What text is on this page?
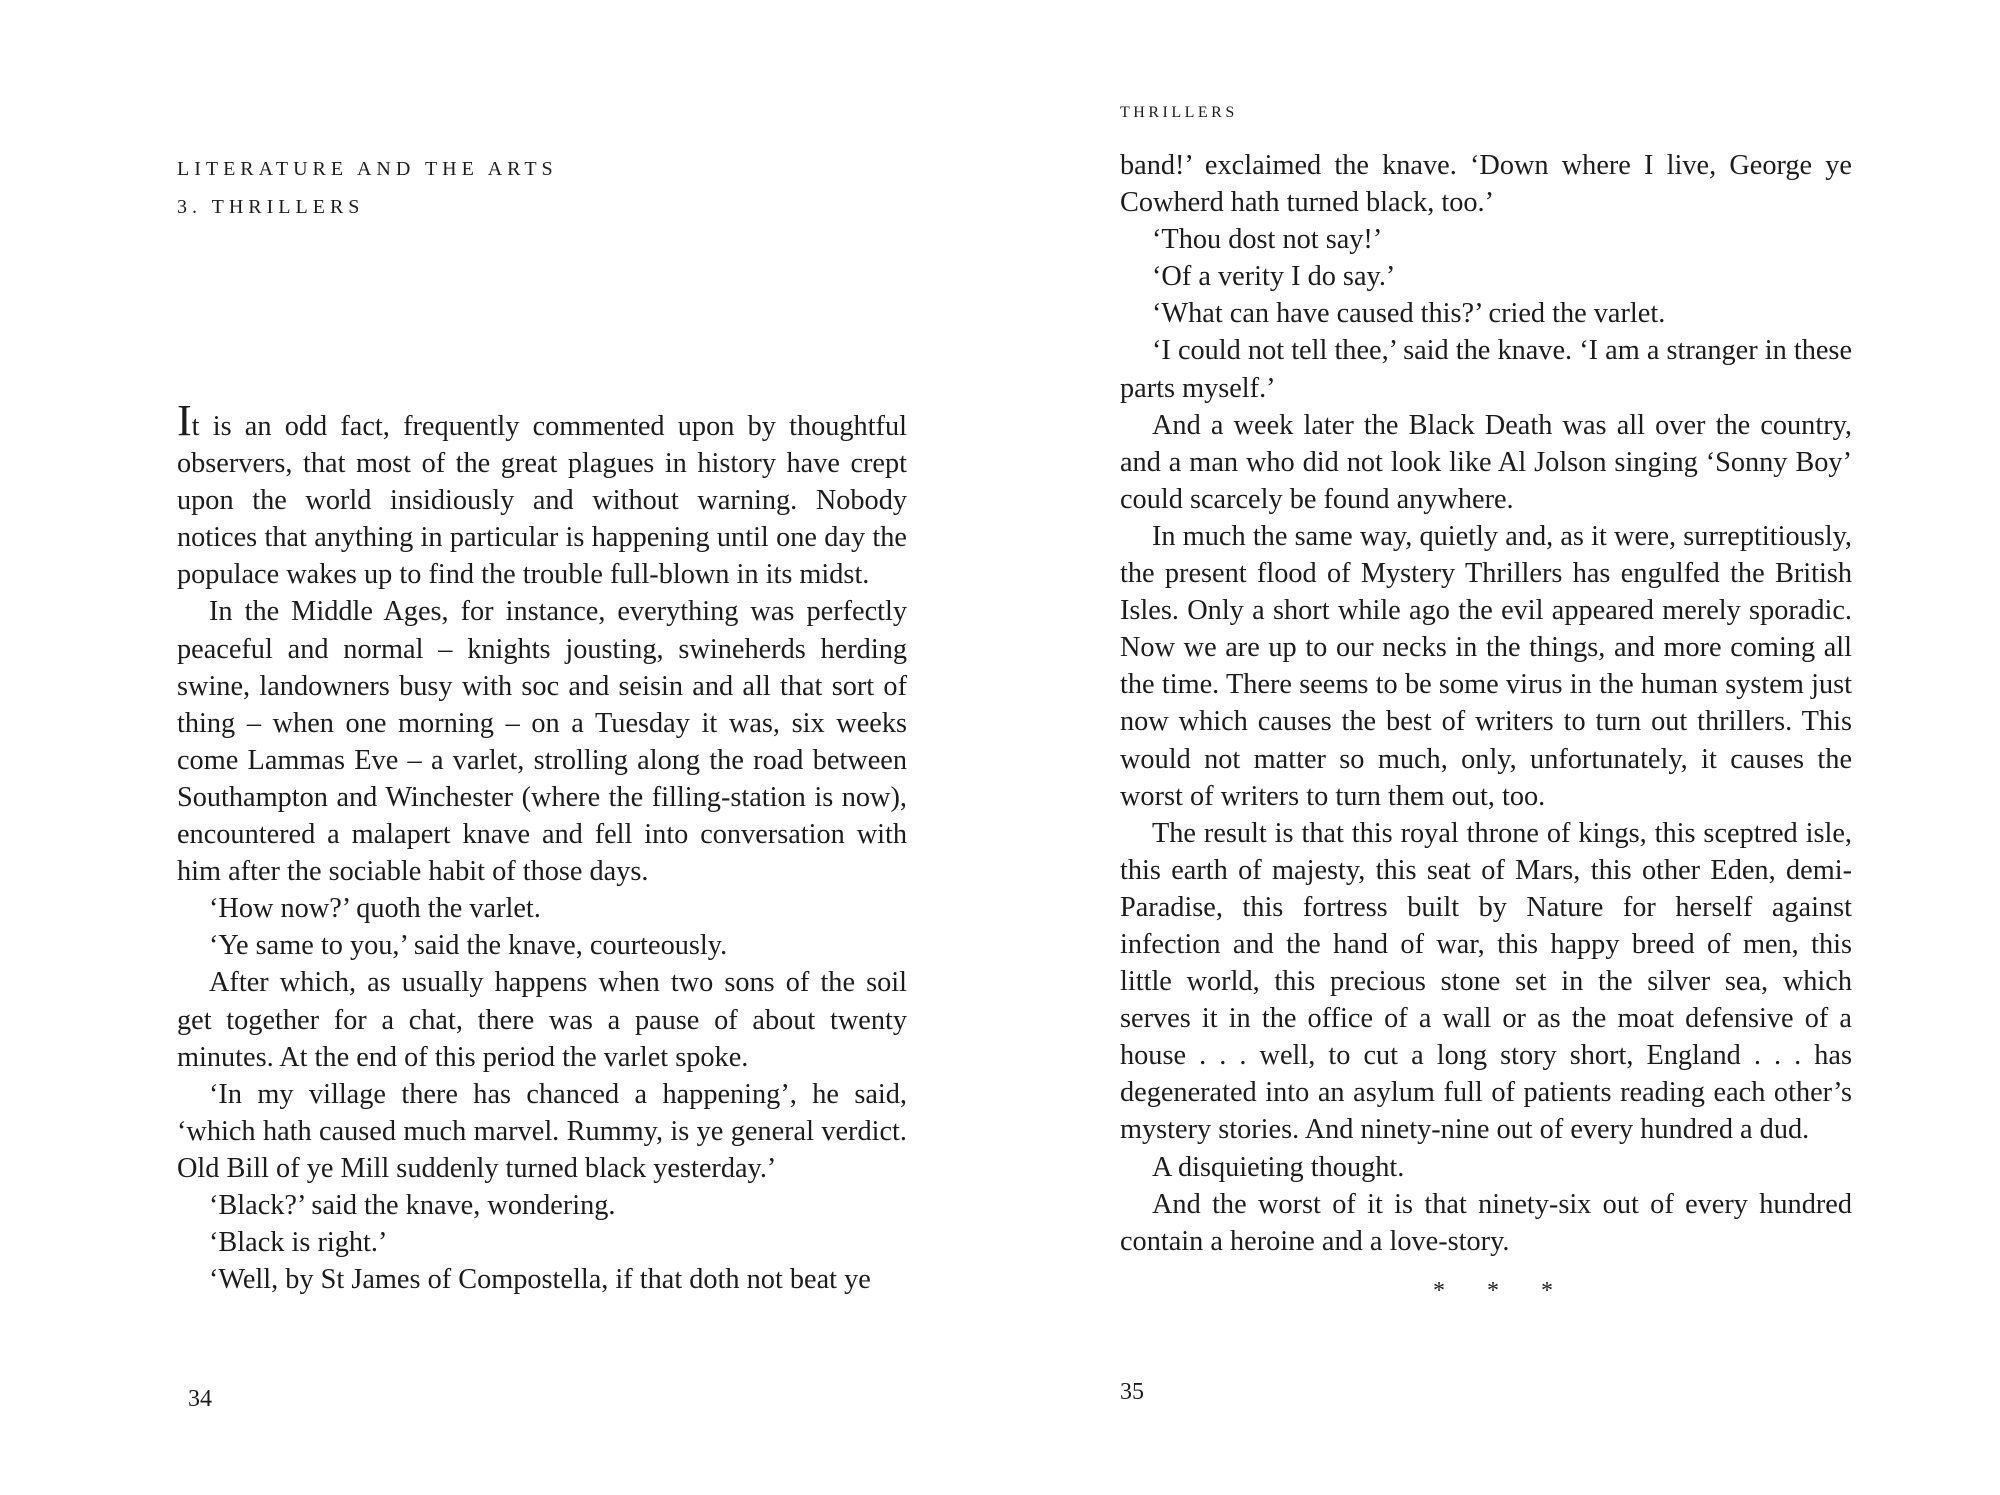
LITERATURE AND THE ARTS
3. THRILLERS

It is an odd fact, frequently commented upon by thoughtful observers, that most of the great plagues in history have crept upon the world insidiously and without warning. Nobody notices that anything in particular is happening until one day the populace wakes up to find the trouble full-blown in its midst.

In the Middle Ages, for instance, everything was perfectly peaceful and normal – knights jousting, swineherds herding swine, landowners busy with soc and seisin and all that sort of thing – when one morning – on a Tuesday it was, six weeks come Lammas Eve – a varlet, strolling along the road between Southampton and Winchester (where the filling-station is now), encountered a malapert knave and fell into conversation with him after the sociable habit of those days.

‘How now?’ quoth the varlet.

‘Ye same to you,’ said the knave, courteously.

After which, as usually happens when two sons of the soil get together for a chat, there was a pause of about twenty minutes. At the end of this period the varlet spoke.

‘In my village there has chanced a happening’, he said, ‘which hath caused much marvel. Rummy, is ye general verdict. Old Bill of ye Mill suddenly turned black yesterday.’

‘Black?’ said the knave, wondering.

‘Black is right.’

‘Well, by St James of Compostella, if that doth not beat ye

34
THRILLERS

band!’ exclaimed the knave. ‘Down where I live, George ye Cowherd hath turned black, too.’

‘Thou dost not say!’

‘Of a verity I do say.’

‘What can have caused this?’ cried the varlet.

‘I could not tell thee,’ said the knave. ‘I am a stranger in these parts myself.’

And a week later the Black Death was all over the country, and a man who did not look like Al Jolson singing ‘Sonny Boy’ could scarcely be found anywhere.

In much the same way, quietly and, as it were, surreptitiously, the present flood of Mystery Thrillers has engulfed the British Isles. Only a short while ago the evil appeared merely sporadic. Now we are up to our necks in the things, and more coming all the time. There seems to be some virus in the human system just now which causes the best of writers to turn out thrillers. This would not matter so much, only, unfortunately, it causes the worst of writers to turn them out, too.

The result is that this royal throne of kings, this sceptred isle, this earth of majesty, this seat of Mars, this other Eden, demi-Paradise, this fortress built by Nature for herself against infection and the hand of war, this happy breed of men, this little world, this precious stone set in the silver sea, which serves it in the office of a wall or as the moat defensive of a house . . . well, to cut a long story short, England . . . has degenerated into an asylum full of patients reading each other’s mystery stories. And ninety-nine out of every hundred a dud.

A disquieting thought.

And the worst of it is that ninety-six out of every hundred contain a heroine and a love-story.

35
* * *
